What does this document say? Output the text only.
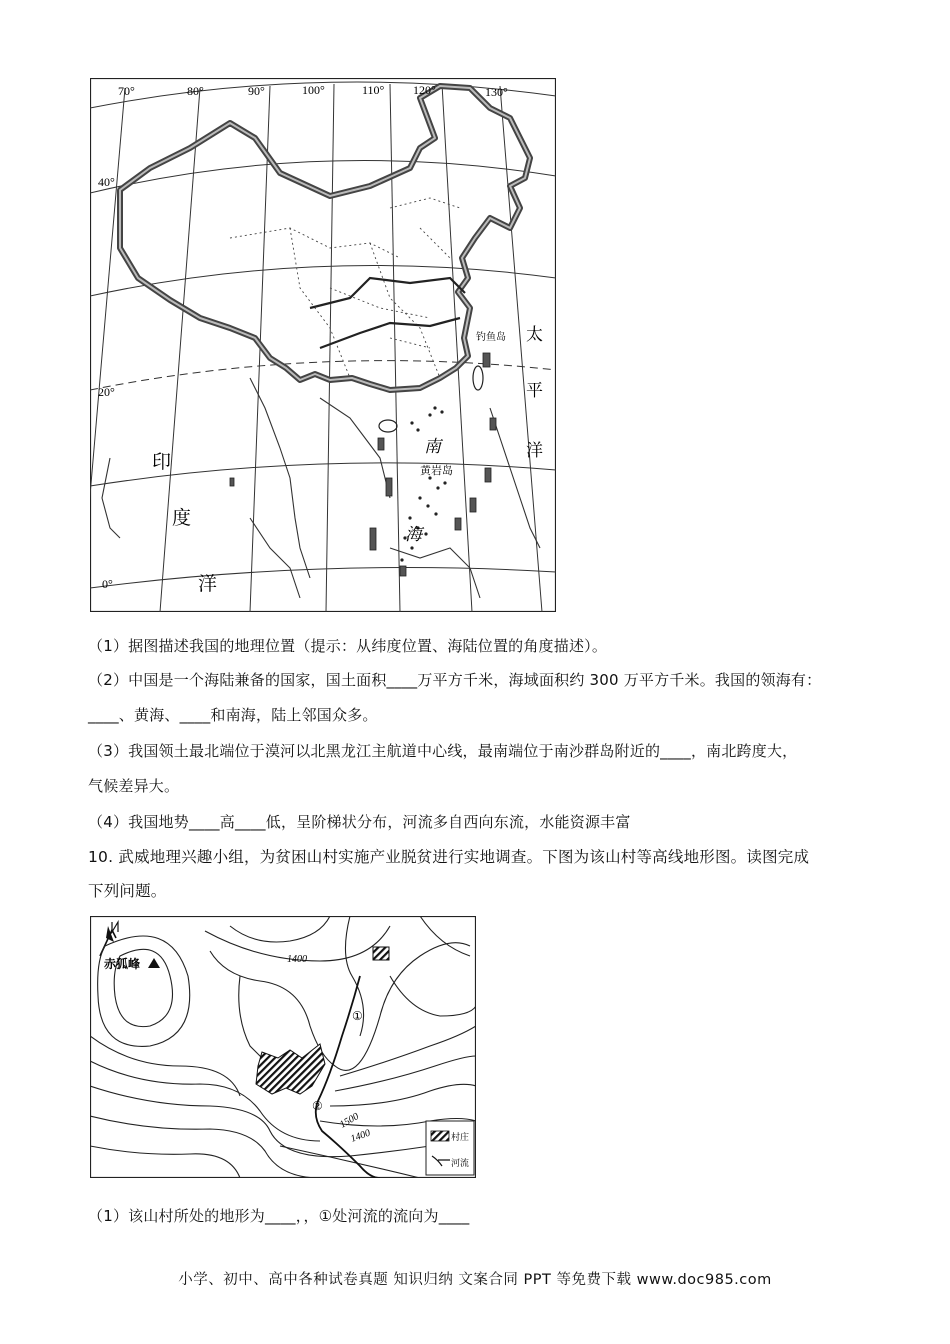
70°	80°	90°	100°	110° 120°	130°
40°
20°
0°
钓鱼岛 太
平
洋
南
黄岩岛
海
印
度
洋
（1）据图描述我国的地理位置（提示：从纬度位置、海陆位置的角度描述）。
（2）中国是一个海陆兼备的国家，国土面积____万平方千米，海域面积约 300 万平方千米。我国的领海有：
____、黄海、____和南海，陆上邻国众多。
（3）我国领土最北端位于漠河以北黑龙江主航道中心线，最南端位于南沙群岛附近的____，南北跨度大，
气候差异大。
（4）我国地势____高____低，呈阶梯状分布，河流多自西向东流，水能资源丰富
10. 武威地理兴趣小组，为贫困山村实施产业脱贫进行实地调查。下图为该山村等高线地形图。读图完成
下列问题。
赤狐峰	1400
1500
1400
①
②
村庄
河流
（1）该山村所处的地形为____，，①处河流的流向为____
小学、初中、高中各种试卷真题 知识归纳 文案合同 PPT 等免费下载 www.doc985.com
